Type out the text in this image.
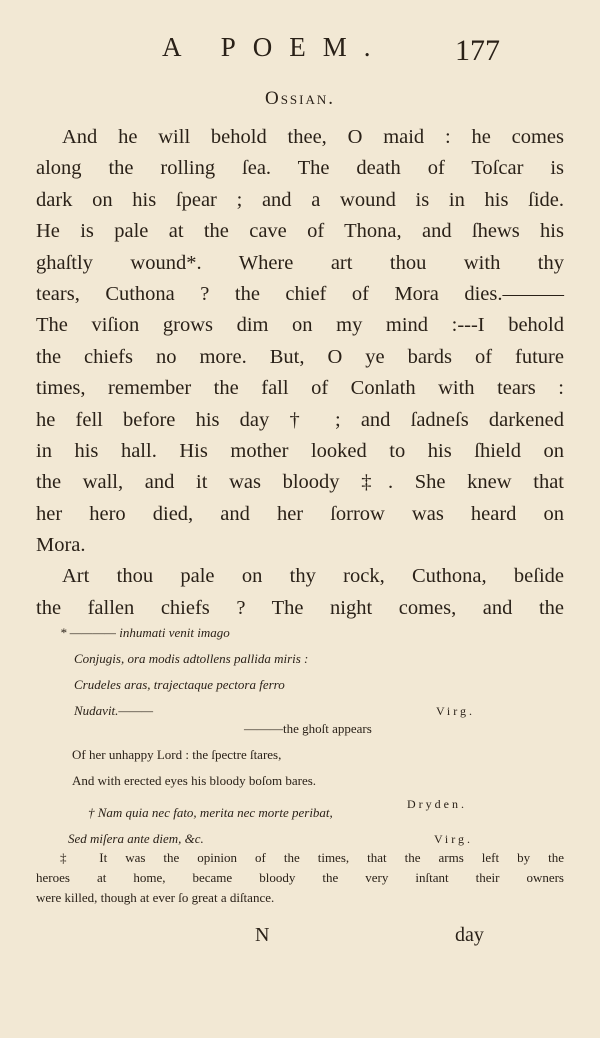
A POEM. 177
Ossian.
And he will behold thee, O maid : he comes
along the rolling ſea. The death of Toſcar is
dark on his ſpear ; and a wound is in his ſide.
He is pale at the cave of Thona, and ſhews his
ghaſtly wound*. Where art thou with thy
tears, Cuthona ? the chief of Mora dies.———
The viſion grows dim on my mind :---I behold
the chiefs no more. But, O ye bards of future
times, remember the fall of Conlath with tears :
he fell before his day † ; and ſadneſs darkened
in his hall. His mother looked to his ſhield on
the wall, and it was bloody ‡. She knew that
her hero died, and her ſorrow was heard on
Mora.
Art thou pale on thy rock, Cuthona, beſide
the fallen chiefs ? The night comes, and the
* ———— inhumati venit imago
Conjugis, ora modis adtollens pallida miris :
Crudeles aras, trajectaque pectora ferro
Nudavit.———	Virg.
———the ghoſt appears
Of her unhappy Lord : the ſpectre ſtares,
And with erected eyes his bloody boſom bares.
Dryden.
† Nam quia nec fato, merita nec morte peribat,
Sed miſera ante diem, &c.	Virg.
‡ It was the opinion of the times, that the arms left by the
heroes at home, became bloody the very inſtant their owners
were killed, though at ever ſo great a diſtance.
N	day
